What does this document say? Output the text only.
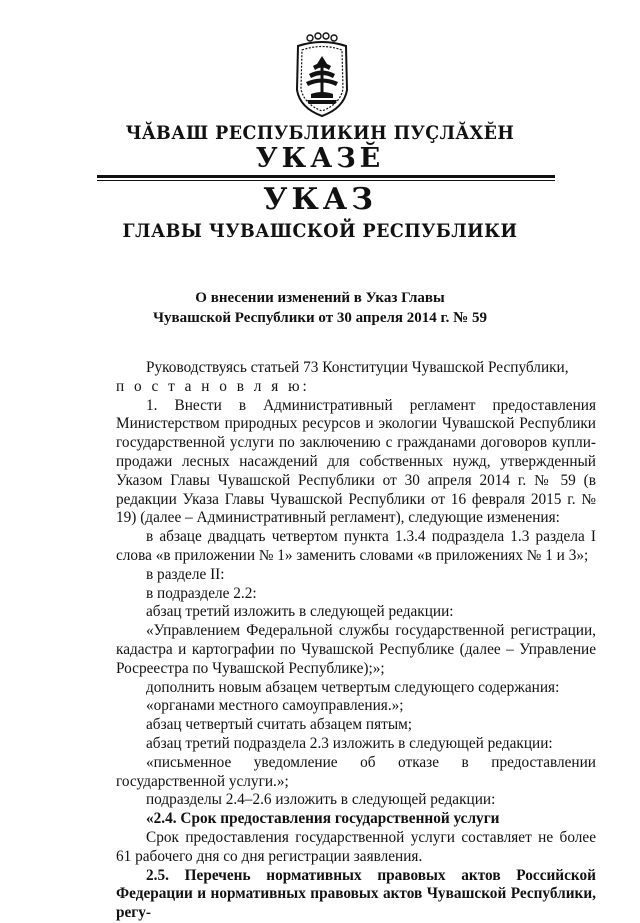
ЧĂВАШ РЕСПУБЛИКИН ПУÇЛĂХĔН
УКАЗĔ
УКАЗ
ГЛАВЫ ЧУВАШСКОЙ РЕСПУБЛИКИ
О внесении изменений в Указ Главы
Чувашской Республики от 30 апреля 2014 г. № 59

Руководствуясь статьей 73 Конституции Чувашской Республики,

п о с т а н о в л я ю:

1. Внести в Административный регламент предоставления Министерством природных ресурсов и экологии Чувашской Республики государственной услуги по заключению с гражданами договоров купли-продажи лесных насаждений для собственных нужд, утвержденный Указом Главы Чувашской Республики от 30 апреля 2014 г. № 59 (в редакции Указа Главы Чувашской Республики от 16 февраля 2015 г. № 19) (далее – Административный регламент), следующие изменения:

в абзаце двадцать четвертом пункта 1.3.4 подраздела 1.3 раздела I слова «в приложении № 1» заменить словами «в приложениях № 1 и 3»;

в разделе II:

в подразделе 2.2:

абзац третий изложить в следующей редакции:

«Управлением Федеральной службы государственной регистрации, кадастра и картографии по Чувашской Республике (далее – Управление Росреестра по Чувашской Республике);»;

дополнить новым абзацем четвертым следующего содержания:

«органами местного самоуправления.»;

абзац четвертый считать абзацем пятым;

абзац третий подраздела 2.3 изложить в следующей редакции:

«письменное уведомление об отказе в предоставлении государственной услуги.»;

подразделы 2.4–2.6 изложить в следующей редакции:

«2.4. Срок предоставления государственной услуги

Срок предоставления государственной услуги составляет не более 61 рабочего дня со дня регистрации заявления.

2.5. Перечень нормативных правовых актов Российской Федерации и нормативных правовых актов Чувашской Республики, регу-
